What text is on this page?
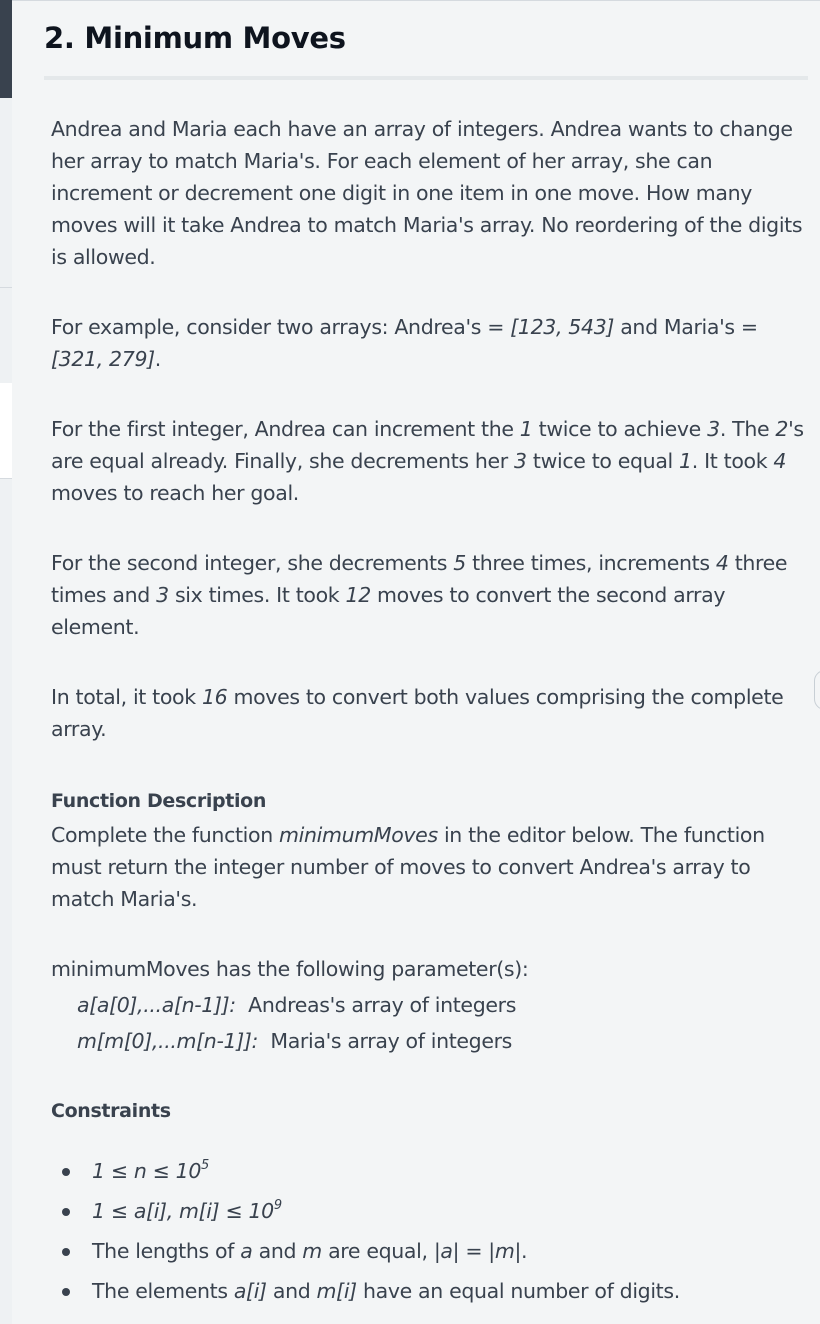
2. Minimum Moves

Andrea and Maria each have an array of integers. Andrea wants to change her array to match Maria's. For each element of her array, she can increment or decrement one digit in one item in one move. How many moves will it take Andrea to match Maria's array. No reordering of the digits is allowed.

For example, consider two arrays: Andrea's = [123, 543] and Maria's = [321, 279].

For the first integer, Andrea can increment the 1 twice to achieve 3. The 2's are equal already. Finally, she decrements her 3 twice to equal 1. It took 4 moves to reach her goal.

For the second integer, she decrements 5 three times, increments 4 three times and 3 six times. It took 12 moves to convert the second array element.

In total, it took 16 moves to convert both values comprising the complete array.

Function Description

Complete the function minimumMoves in the editor below. The function must return the integer number of moves to convert Andrea's array to match Maria's.

minimumMoves has the following parameter(s):

a[a[0],...a[n-1]]:  Andreas's array of integers

m[m[0],...m[n-1]]:  Maria's array of integers

Constraints
$1 \le n \le 10^5$
1 ≤ a[i], $m[i] \le 10^9$
The lengths of a and m are equal, |a| = |m|.
The elements a[i] and m[i] have an equal number of digits.
